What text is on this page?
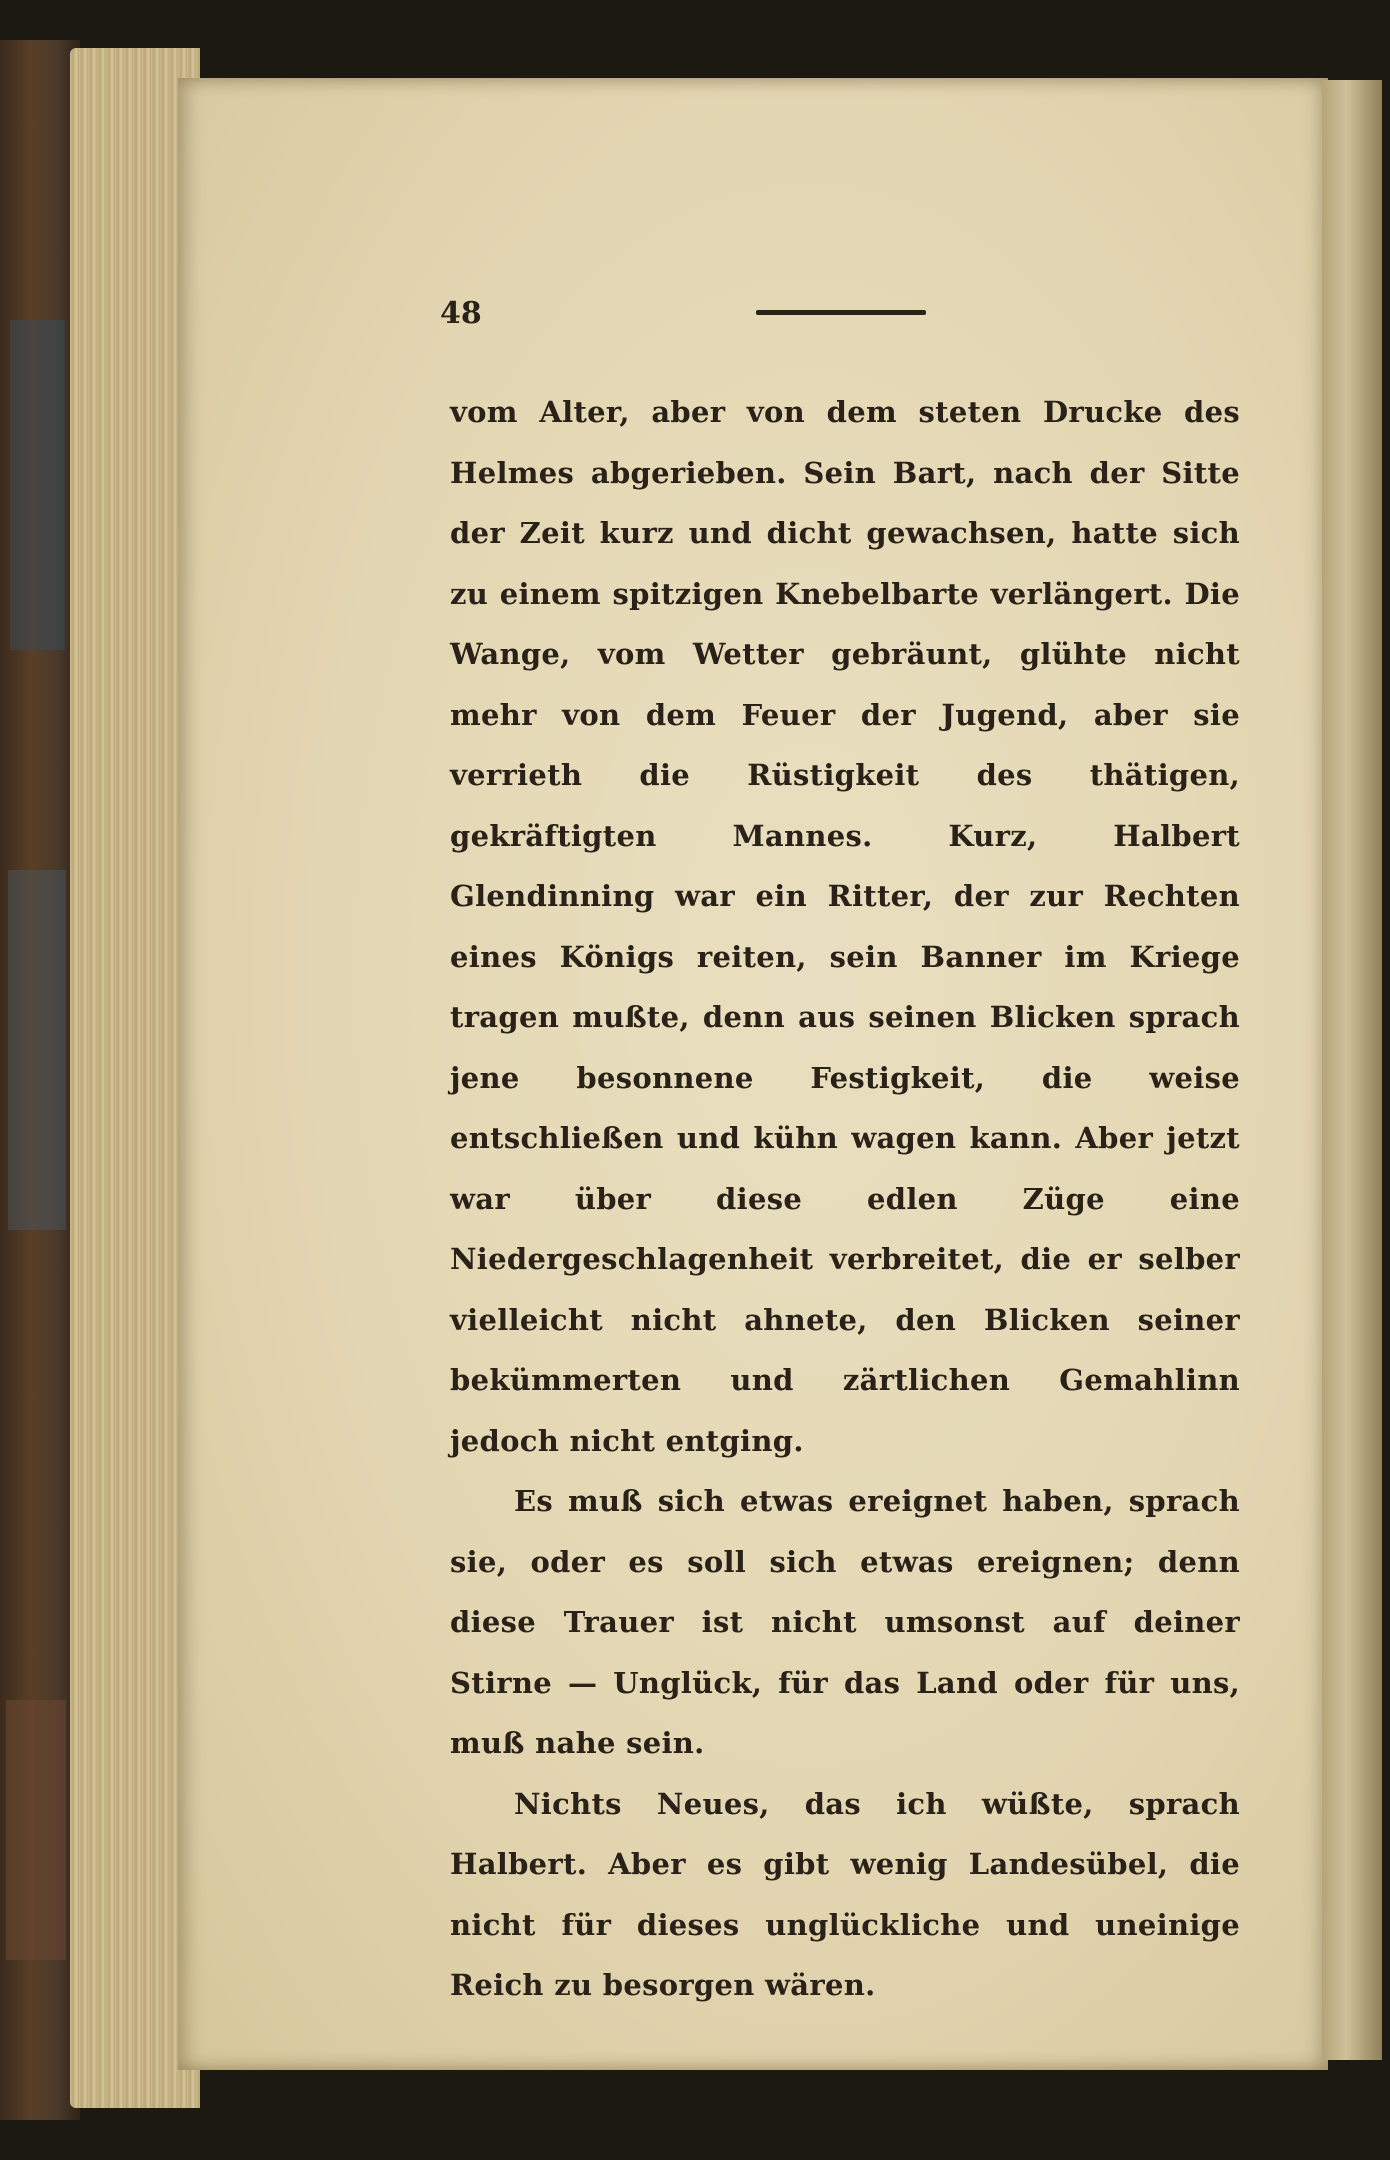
48

vom Alter, aber von dem steten Drucke des Helmes abgerieben. Sein Bart, nach der Sitte der Zeit kurz und dicht gewachsen, hatte sich zu einem spitzigen Knebelbarte verlängert. Die Wange, vom Wetter gebräunt, glühte nicht mehr von dem Feuer der Jugend, aber sie verrieth die Rüstigkeit des thätigen, gekräftigten Mannes. Kurz, Halbert Glendinning war ein Ritter, der zur Rechten eines Königs reiten, sein Banner im Kriege tragen mußte, denn aus seinen Blicken sprach jene besonnene Festigkeit, die weise entschließen und kühn wagen kann. Aber jetzt war über diese edlen Züge eine Niedergeschlagenheit verbreitet, die er selber vielleicht nicht ahnete, den Blicken seiner bekümmerten und zärtlichen Gemahlinn jedoch nicht entging.

Es muß sich etwas ereignet haben, sprach sie, oder es soll sich etwas ereignen; denn diese Trauer ist nicht umsonst auf deiner Stirne — Unglück, für das Land oder für uns, muß nahe sein.

Nichts Neues, das ich wüßte, sprach Halbert. Aber es gibt wenig Landesübel, die nicht für dieses unglückliche und uneinige Reich zu besorgen wären.
